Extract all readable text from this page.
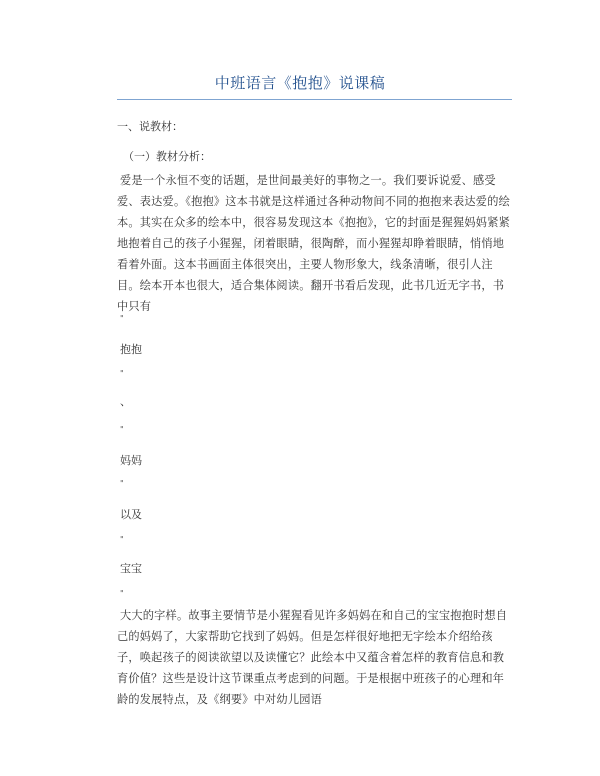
中班语言《抱抱》说课稿
一、说教材：
（一）教材分析：

爱是一个永恒不变的话题，是世间最美好的事物之一。我们要诉说爱、感受爱、表达爱。《抱抱》这本书就是这样通过各种动物间不同的抱抱来表达爱的绘本。其实在众多的绘本中，很容易发现这本《抱抱》，它的封面是猩猩妈妈紧紧地抱着自己的孩子小猩猩，闭着眼睛，很陶醉，而小猩猩却睁着眼睛，悄悄地看着外面。这本书画面主体很突出，主要人物形象大，线条清晰，很引人注目。绘本开本也很大，适合集体阅读。翻开书看后发现，此书几近无字书，书中只有

"
抱抱
"
、
"
妈妈
"
以及
"
宝宝
"

大大的字样。故事主要情节是小猩猩看见许多妈妈在和自己的宝宝抱抱时想自己的妈妈了，大家帮助它找到了妈妈。但是怎样很好地把无字绘本介绍给孩子，唤起孩子的阅读欲望以及读懂它？此绘本中又蕴含着怎样的教育信息和教育价值？这些是设计这节课重点考虑到的问题。于是根据中班孩子的心理和年龄的发展特点，及《纲要》中对幼儿园语
